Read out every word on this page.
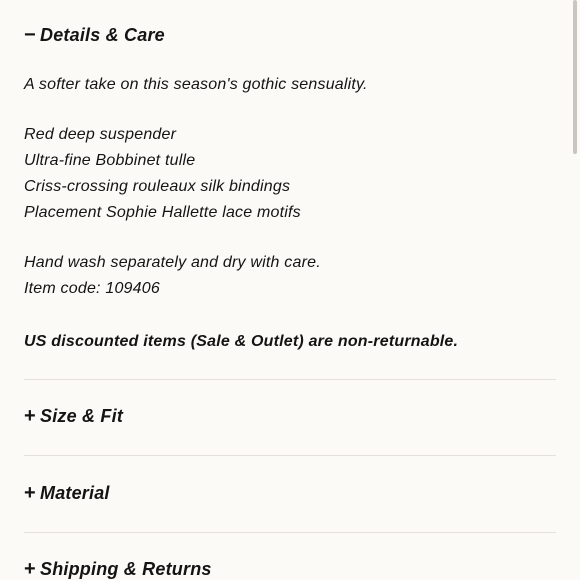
− Details & Care
A softer take on this season's gothic sensuality.
Red deep suspender
Ultra-fine Bobbinet tulle
Criss-crossing rouleaux silk bindings
Placement Sophie Hallette lace motifs
Hand wash separately and dry with care.
Item code: 109406
US discounted items (Sale & Outlet) are non-returnable.
+ Size & Fit
+ Material
+ Shipping & Returns
